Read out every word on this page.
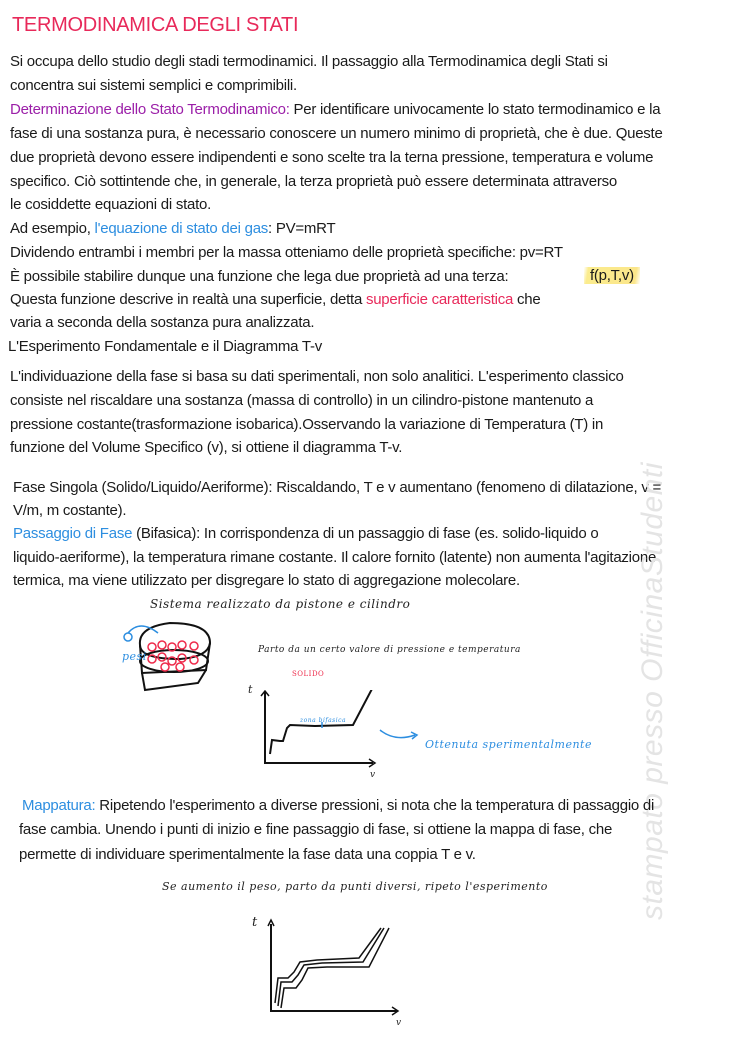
TERMODINAMICA DEGLI STATI
Si occupa dello studio degli stadi termodinamici. Il passaggio alla Termodinamica degli Stati si
concentra sui sistemi semplici e comprimibili.
Determinazione dello Stato Termodinamico: Per identificare univocamente lo stato termodinamico e la
fase di una sostanza pura, è necessario conoscere un numero minimo di proprietà, che è due. Queste
due proprietà devono essere indipendenti e sono scelte tra la terna pressione, temperatura e volume
specifico. Ciò sottintende che, in generale, la terza proprietà può essere determinata attraverso
le cosiddette equazioni di stato.
Ad esempio, l'equazione di stato dei gas: PV=mRT
Dividendo entrambi i membri per la massa otteniamo delle proprietà specifiche: pv=RT
È possibile stabilire dunque una funzione che lega due proprietà ad una terza:	f(p,T,v)
Questa funzione descrive in realtà una superficie, detta superficie caratteristica che
varia a seconda della sostanza pura analizzata.
L'Esperimento Fondamentale e il Diagramma T-v
L'individuazione della fase si basa su dati sperimentali, non solo analitici. L'esperimento classico
consiste nel riscaldare una sostanza (massa di controllo) in un cilindro-pistone mantenuto a
pressione costante(trasformazione isobarica).Osservando la variazione di Temperatura (T) in
funzione del Volume Specifico (v), si ottiene il diagramma T-v.
Fase Singola (Solido/Liquido/Aeriforme): Riscaldando, T e v aumentano (fenomeno di dilatazione, v =
V/m, m costante).
Passaggio di Fase (Bifasica): In corrispondenza di un passaggio di fase (es. solido-liquido o
liquido-aeriforme), la temperatura rimane costante. Il calore fornito (latente) non aumenta l'agitazione
termica, ma viene utilizzato per disgregare lo stato di aggregazione molecolare.	stampato presso OfficinaStudenti
Sistema realizzato da pistone e cilindro
pesi	Parto da un certo valore di pressione e temperatura
SOLIDO
t
v
zona bifasica
Ottenuta sperimentalmente
Mappatura: Ripetendo l'esperimento a diverse pressioni, si nota che la temperatura di passaggio di
fase cambia. Unendo i punti di inizio e fine passaggio di fase, si ottiene la mappa di fase, che
permette di individuare sperimentalmente la fase data una coppia T e v.
Se aumento il peso, parto da punti diversi, ripeto l'esperimento
t
v
